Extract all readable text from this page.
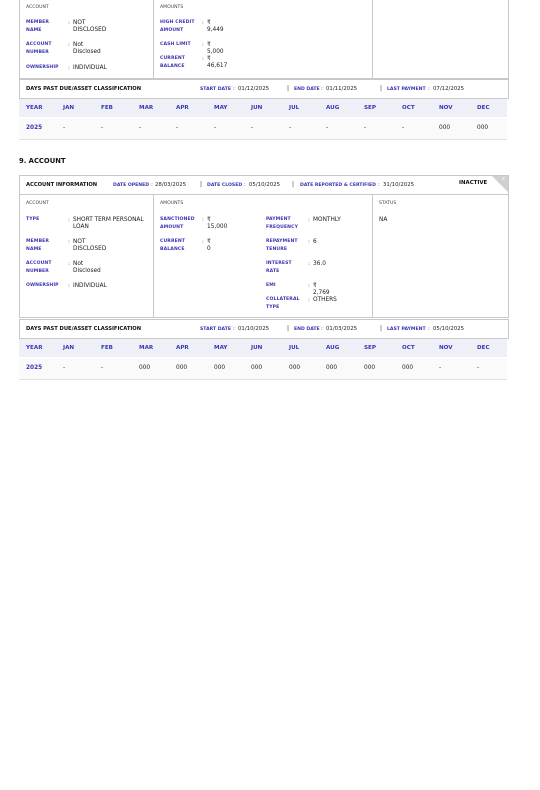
ACCOUNT
MEMBER NAME
: NOT DISCLOSED
ACCOUNT NUMBER
: Not Disclosed
OWNERSHIP	: INDIVIDUAL
AMOUNTS
HIGH CREDIT AMOUNT
: ₹ 9,449
CASH LIMIT	: ₹ 5,000
CURRENT BALANCE
: ₹ 46,617
DAYS PAST DUE/ASSET CLASSIFICATION	START DATE : 01/12/2025	| END DATE : 01/11/2025	| LAST PAYMENT : 07/12/2025
YEAR	JAN	FEB	MAR	APR	MAY	JUN	JUL	AUG	SEP	OCT	NOV	DEC
2025	-	-	-	-	-	-	-	-	-	-	000	000
9. ACCOUNT
ACCOUNT INFORMATION	DATE OPENED : 28/03/2025 | DATE CLOSED : 05/10/2025 | DATE REPORTED & CERTIFIED : 31/10/2025	INACTIVE
x
ACCOUNT
TYPE	: SHORT TERM PERSONAL LOAN
MEMBER NAME
: NOT DISCLOSED
ACCOUNT NUMBER
: Not Disclosed
OWNERSHIP	: INDIVIDUAL
AMOUNTS
SANCTIONED AMOUNT
: ₹ 15,000
CURRENT BALANCE
: ₹ 0
PAYMENT FREQUENCY
: MONTHLY
REPAYMENT TENURE
: 6
INTEREST RATE
: 36.0
EMI	: ₹ 2,769
COLLATERAL TYPE
: OTHERS
STATUS
NA
DAYS PAST DUE/ASSET CLASSIFICATION	START DATE : 01/10/2025	| END DATE : 01/03/2025	| LAST PAYMENT : 05/10/2025
YEAR	JAN	FEB	MAR	APR	MAY	JUN	JUL	AUG	SEP	OCT	NOV	DEC
2025	-	-	000	000	000	000	000	000	000	000	-	-
